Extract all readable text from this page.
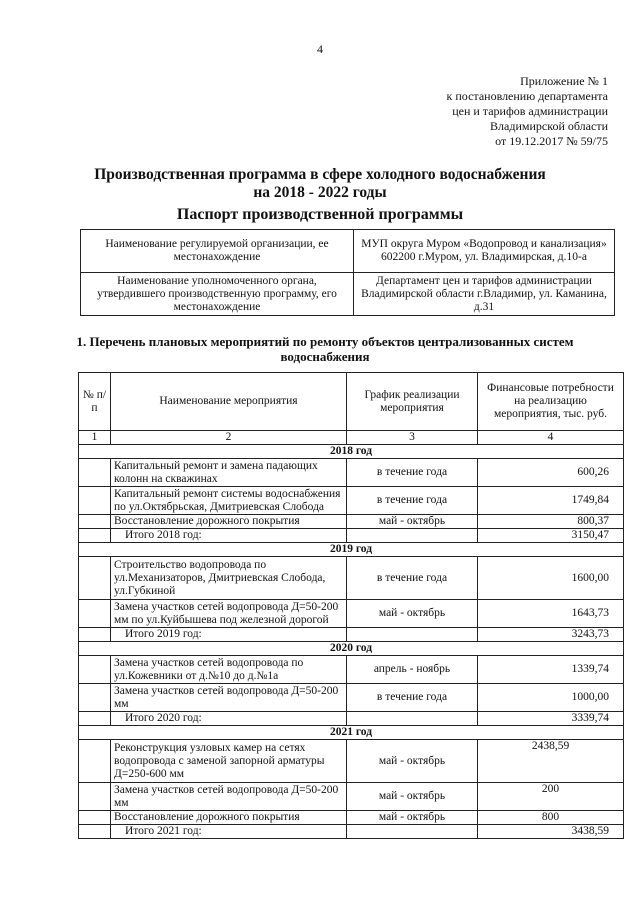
4
Приложение № 1
к постановлению департамента
цен и тарифов администрации
Владимирской области
от 19.12.2017 № 59/75
Производственная программа в сфере холодного водоснабжения
на 2018 - 2022 годы
Паспорт производственной программы
Наименование регулируемой организации, ее местонахождение	МУП округа Муром «Водопровод и канализация» 602200 г.Муром, ул. Владимирская, д.10-а
Наименование уполномоченного органа, утвердившего производственную программу, его местонахождение	Департамент цен и тарифов администрации Владимирской области г.Владимир, ул. Каманина, д.31
1. Перечень плановых мероприятий по ремонту объектов централизованных систем водоснабжения
№ п/п	Наименование мероприятия	График реализации мероприятия	Финансовые потребности на реализацию мероприятия, тыс. руб.
1	2	3	4
2018 год			
	Капитальный ремонт и замена падающих колонн на скважинах	в течение года	600,26
	Капитальный ремонт системы водоснабжения по ул.Октябрьская, Дмитриевская Слобода	в течение года	1749,84
	Восстановление дорожного покрытия	май - октябрь	800,37
	Итого 2018 год:		3150,47
2019 год			
	Строительство водопровода по ул.Механизаторов, Дмитриевская Слобода, ул.Губкиной	в течение года	1600,00
	Замена участков сетей водопровода Д=50-200 мм по ул.Куйбышева под железной дорогой	май - октябрь	1643,73
	Итого 2019 год:		3243,73
2020 год			
	Замена участков сетей водопровода по ул.Кожевники от д.№10 до д.№1а	апрель - ноябрь	1339,74
	Замена участков сетей водопровода Д=50-200 мм	в течение года	1000,00
	Итого 2020 год:		3339,74
2021 год			
	Реконструкция узловых камер на сетях водопровода с заменой запорной арматуры Д=250-600 мм	май - октябрь	2438,59
	Замена участков сетей водопровода Д=50-200 мм	май - октябрь	200
	Восстановление дорожного покрытия	май - октябрь	800
	Итого 2021 год:		3438,59
